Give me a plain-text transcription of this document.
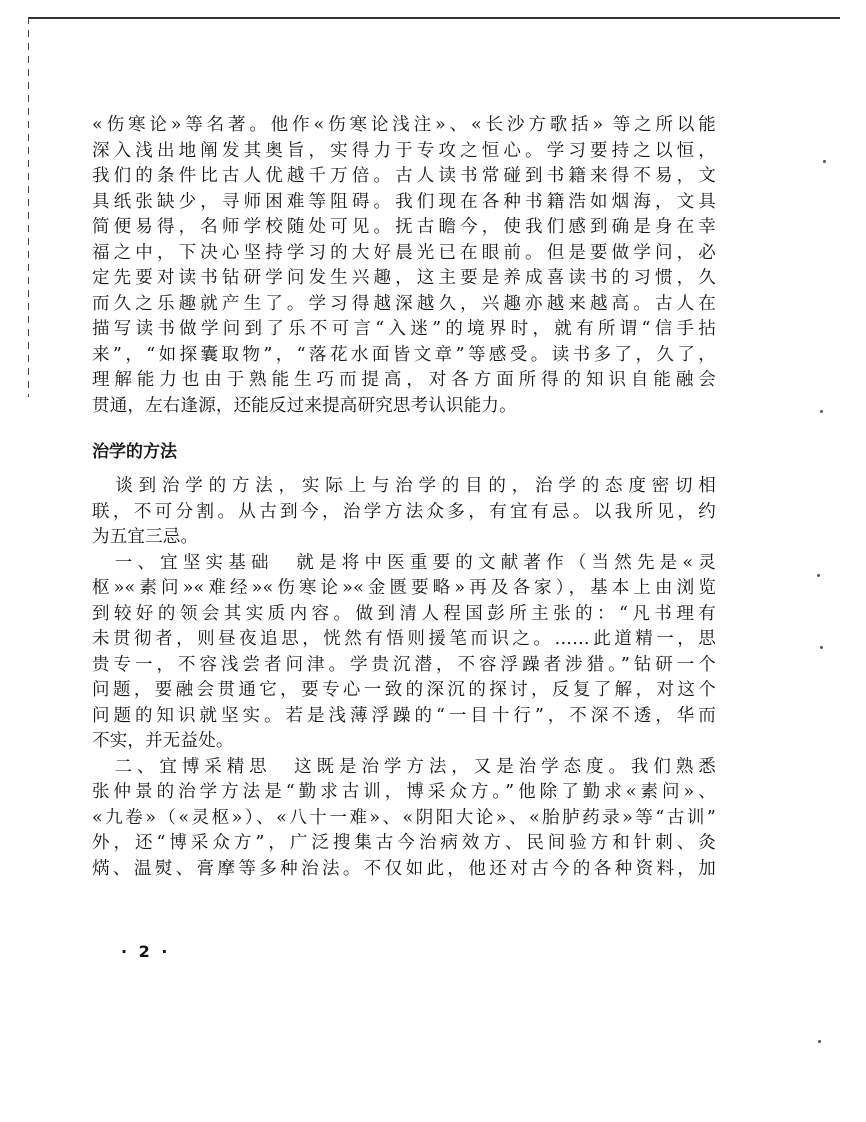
«伤寒论»等名著。他作«伤寒论浅注»、«长沙方歌括» 等之所以能
深入浅出地阐发其奥旨，实得力于专攻之恒心。学习要持之以恒，
我们的条件比古人优越千万倍。古人读书常碰到书籍来得不易，文
具纸张缺少，寻师困难等阻碍。我们现在各种书籍浩如烟海，文具
简便易得，名师学校随处可见。抚古瞻今，使我们感到确是身在幸
福之中，下决心坚持学习的大好晨光已在眼前。但是要做学问，必
定先要对读书钻研学问发生兴趣，这主要是养成喜读书的习惯，久
而久之乐趣就产生了。学习得越深越久，兴趣亦越来越高。古人在
描写读书做学问到了乐不可言“入迷”的境界时，就有所谓“信手拈
来”，“如探囊取物”，“落花水面皆文章”等感受。读书多了，久了，
理解能力也由于熟能生巧而提高，对各方面所得的知识自能融会
贯通，左右逢源，还能反过来提高研究思考认识能力。
治学的方法
　谈到治学的方法，实际上与治学的目的，治学的态度密切相
联，不可分割。从古到今，治学方法众多，有宜有忌。以我所见，约
为五宜三忌。
　一、宜坚实基础　就是将中医重要的文献著作（当然先是«灵
枢»«素问»«难经»«伤寒论»«金匮要略»再及各家），基本上由浏览
到较好的领会其实质内容。做到清人程国彭所主张的：“凡书理有
未贯彻者，则昼夜追思，恍然有悟则援笔而识之。……此道精一，思
贵专一，不容浅尝者问津。学贵沉潜，不容浮躁者涉猎。”钻研一个
问题，要融会贯通它，要专心一致的深沉的探讨，反复了解，对这个
问题的知识就坚实。若是浅薄浮躁的“一目十行”，不深不透，华而
不实，并无益处。
　二、宜博采精思　这既是治学方法，又是治学态度。我们熟悉
张仲景的治学方法是“勤求古训，博采众方。”他除了勤求«素问»、
«九卷»（«灵枢»）、«八十一难»、«阴阳大论»、«胎胪药录»等“古训”
外，还“博采众方”，广泛搜集古今治病效方、民间验方和针刺、灸
焫、温熨、膏摩等多种治法。不仅如此，他还对古今的各种资料，加
· 2 ·
